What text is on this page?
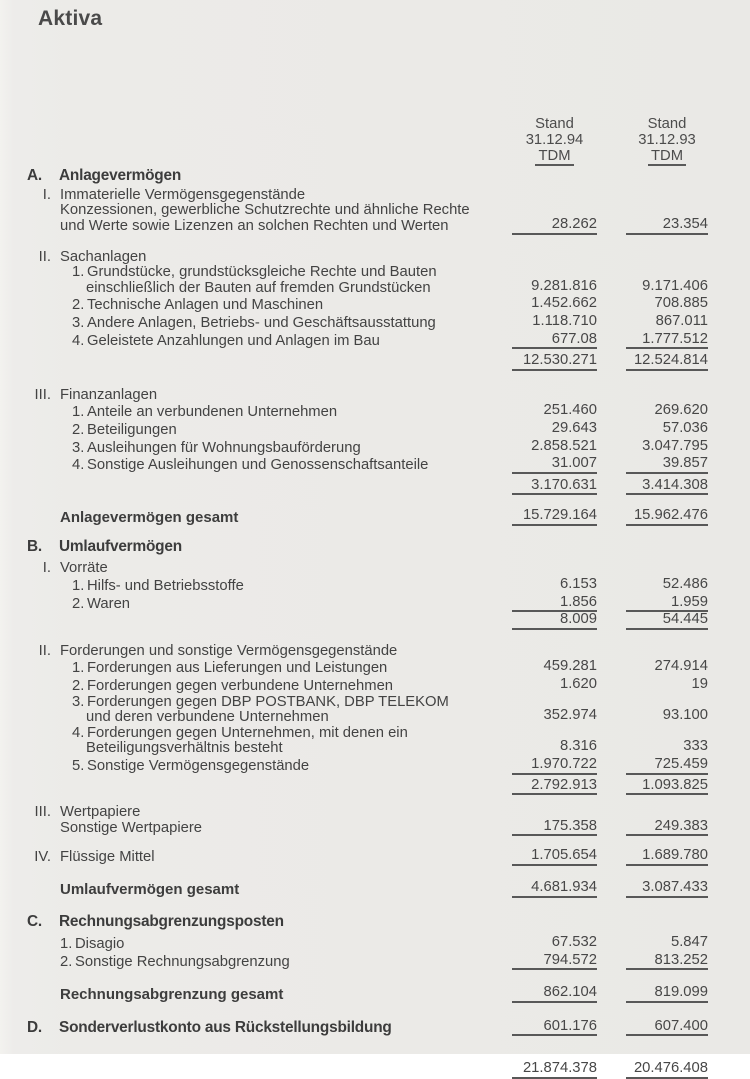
Aktiva
Stand
31.12.94
TDM
Stand
31.12.93
TDM
A. Anlagevermögen
I. Immaterielle Vermögensgegenstände
Konzessionen, gewerbliche Schutzrechte und ähnliche Rechte
und Werte sowie Lizenzen an solchen Rechten und Werten	28.262	23.354
II. Sachanlagen
1. Grundstücke, grundstücksgleiche Rechte und Bauten
einschließlich der Bauten auf fremden Grundstücken	9.281.816	9.171.406
2. Technische Anlagen und Maschinen	1.452.662	708.885
3. Andere Anlagen, Betriebs- und Geschäftsausstattung	1.118.710	867.011
4. Geleistete Anzahlungen und Anlagen im Bau	677.08	1.777.512
12.530.271	12.524.814
III. Finanzanlagen
1. Anteile an verbundenen Unternehmen	251.460	269.620
2. Beteiligungen	29.643	57.036
3. Ausleihungen für Wohnungsbauförderung	2.858.521	3.047.795
4. Sonstige Ausleihungen und Genossenschaftsanteile	31.007	39.857
3.170.631	3.414.308
Anlagevermögen gesamt	15.729.164	15.962.476
B. Umlaufvermögen
I. Vorräte
1. Hilfs- und Betriebsstoffe	6.153	52.486
2. Waren	1.856	1.959
8.009	54.445
II. Forderungen und sonstige Vermögensgegenstände
1. Forderungen aus Lieferungen und Leistungen	459.281	274.914
2. Forderungen gegen verbundene Unternehmen	1.620	19
3. Forderungen gegen DBP POSTBANK, DBP TELEKOM
und deren verbundene Unternehmen	352.974	93.100
4. Forderungen gegen Unternehmen, mit denen ein
Beteiligungsverhältnis besteht	8.316	333
5. Sonstige Vermögensgegenstände	1.970.722	725.459
2.792.913	1.093.825
III. Wertpapiere
Sonstige Wertpapiere	175.358	249.383
IV. Flüssige Mittel	1.705.654	1.689.780
Umlaufvermögen gesamt	4.681.934	3.087.433
C. Rechnungsabgrenzungsposten
1. Disagio	67.532	5.847
2. Sonstige Rechnungsabgrenzung	794.572	813.252
Rechnungsabgrenzung gesamt	862.104	819.099
D. Sonderverlustkonto aus Rückstellungsbildung	601.176	607.400
21.874.378	20.476.408
